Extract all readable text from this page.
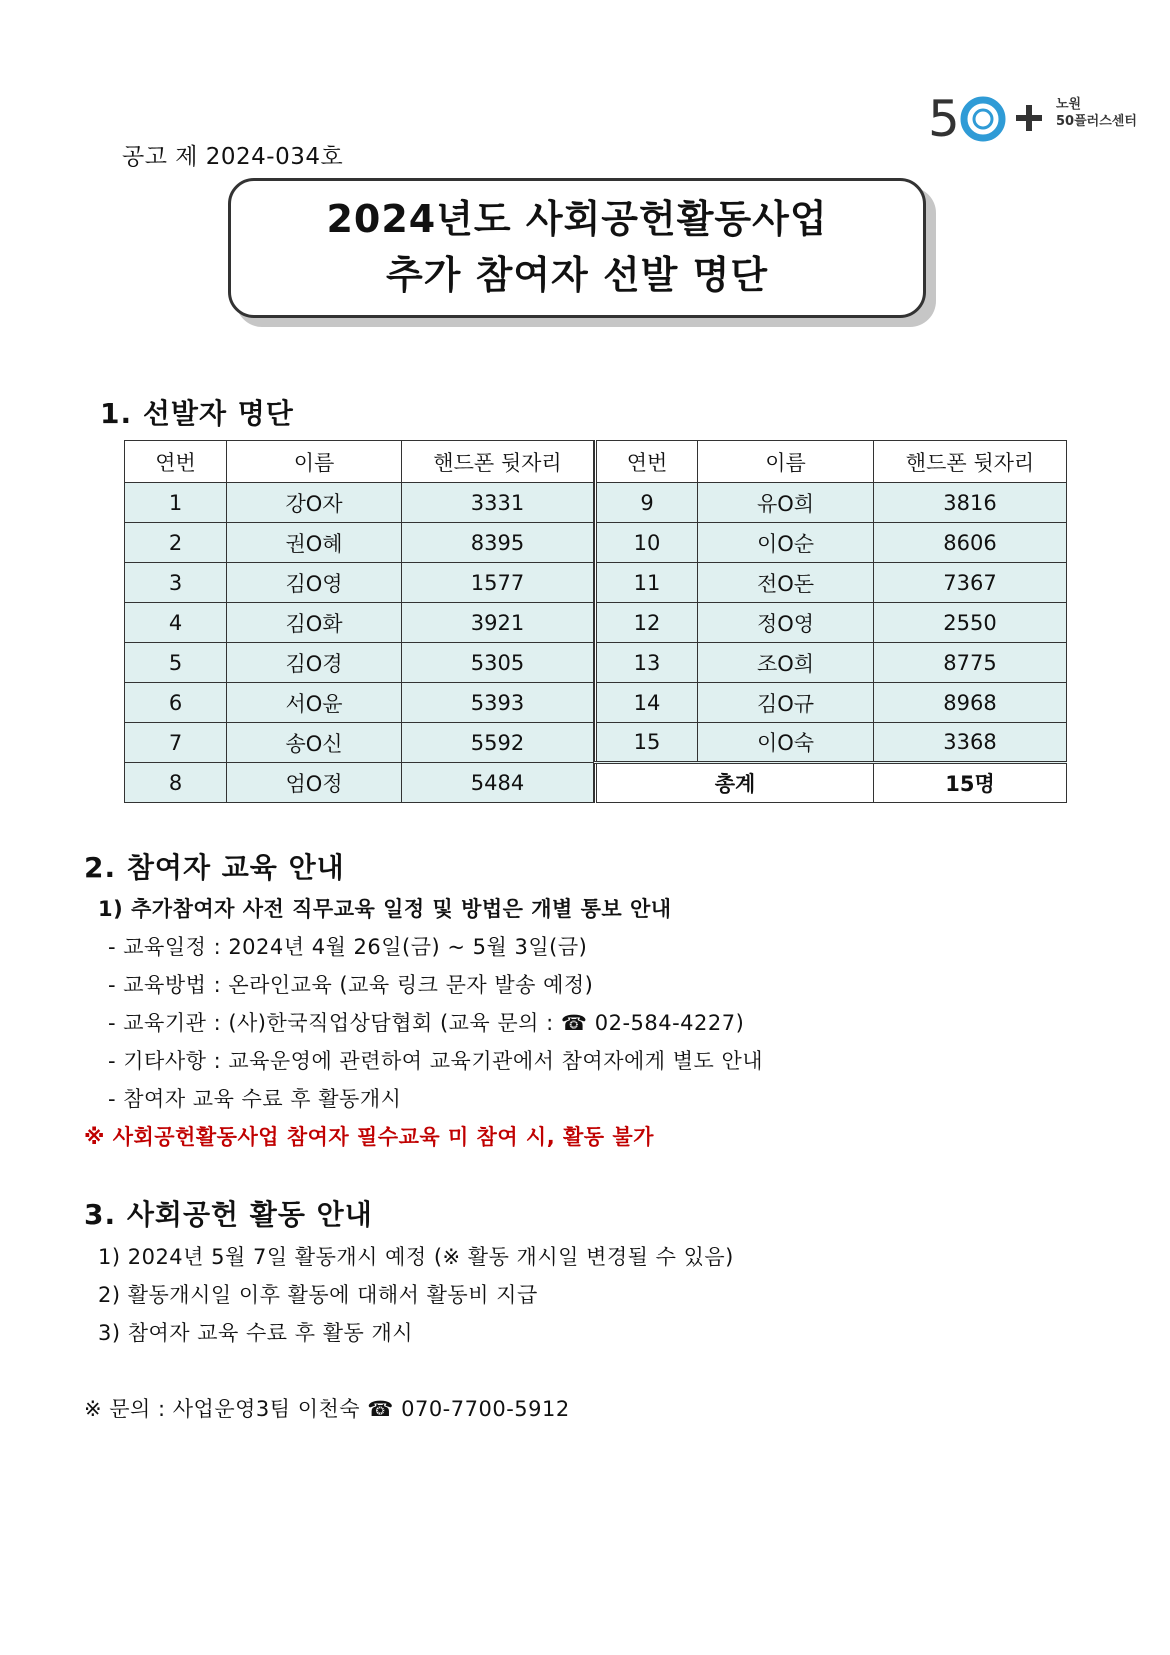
5	노원
50플러스센터
공고 제 2024-034호
2024년도 사회공헌활동사업
추가 참여자 선발 명단
1. 선발자 명단
연번	이름	핸드폰 뒷자리
1	강O자	3331
2	권O혜	8395
3	김O영	1577
4	김O화	3921
5	김O경	5305
6	서O윤	5393
7	송O신	5592
8	엄O정	5484
연번	이름	핸드폰 뒷자리
9	유O희	3816
10	이O순	8606
11	전O돈	7367
12	정O영	2550
13	조O희	8775
14	김O규	8968
15	이O숙	3368
총계		15명
2. 참여자 교육 안내
1) 추가참여자 사전 직무교육 일정 및 방법은 개별 통보 안내
- 교육일정 : 2024년 4월 26일(금) ~ 5월 3일(금)
- 교육방법 : 온라인교육 (교육 링크 문자 발송 예정)
- 교육기관 : (사)한국직업상담협회 (교육 문의 : ☎ 02-584-4227)
- 기타사항 : 교육운영에 관련하여 교육기관에서 참여자에게 별도 안내
- 참여자 교육 수료 후 활동개시
※ 사회공헌활동사업 참여자 필수교육 미 참여 시, 활동 불가
3. 사회공헌 활동 안내
1) 2024년 5월 7일 활동개시 예정 (※ 활동 개시일 변경될 수 있음)
2) 활동개시일 이후 활동에 대해서 활동비 지급
3) 참여자 교육 수료 후 활동 개시
※ 문의 : 사업운영3팀 이천숙 ☎ 070-7700-5912
